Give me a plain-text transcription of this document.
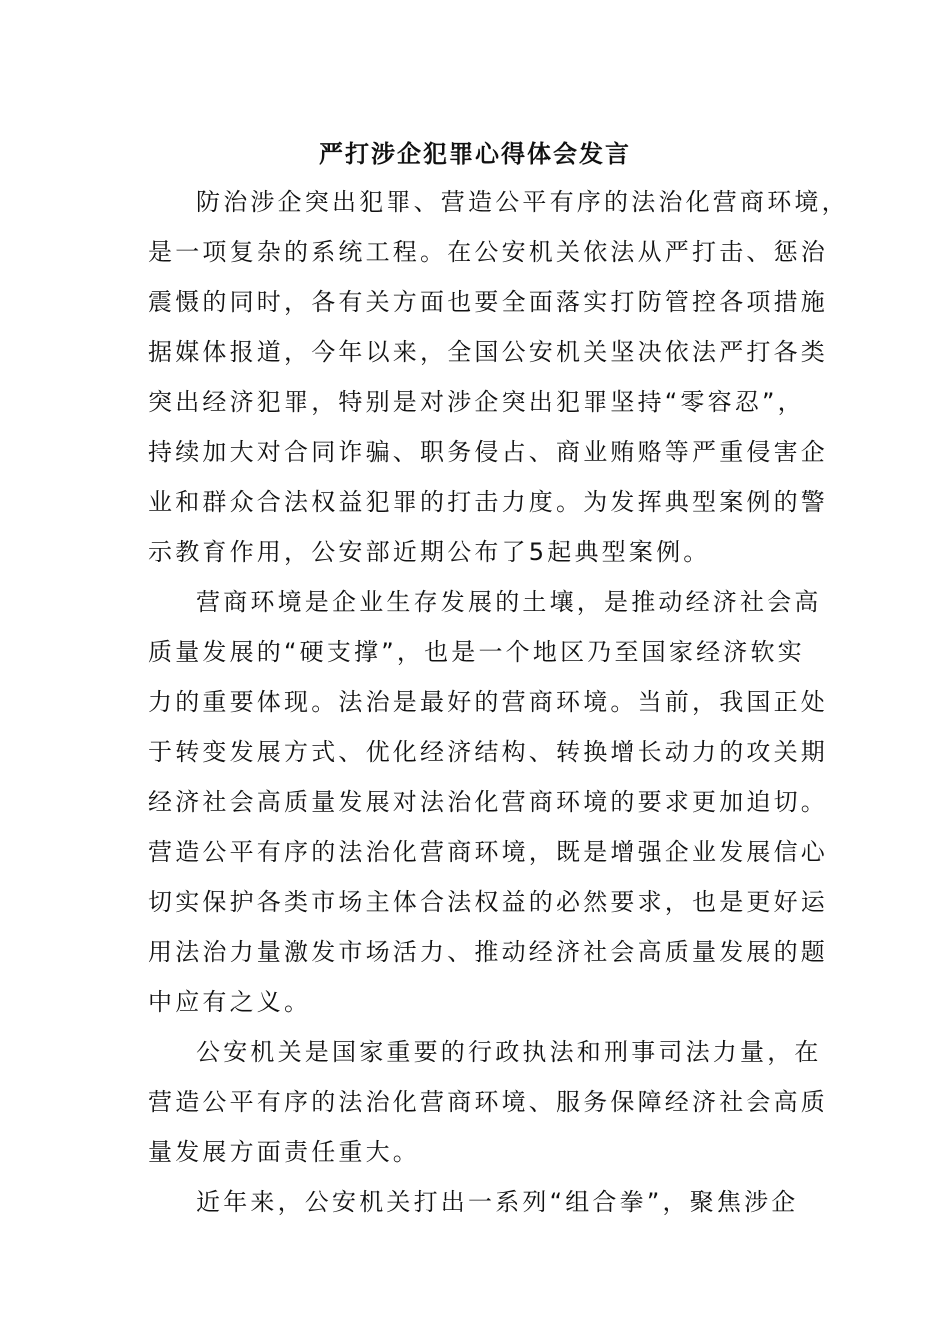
严打涉企犯罪心得体会发言
防治涉企突出犯罪、营造公平有序的法治化营商环境，
是一项复杂的系统工程。在公安机关依法从严打击、惩治
震慑的同时，各有关方面也要全面落实打防管控各项措施
据媒体报道，今年以来，全国公安机关坚决依法严打各类
突出经济犯罪，特别是对涉企突出犯罪坚持“零容忍”，
持续加大对合同诈骗、职务侵占、商业贿赂等严重侵害企
业和群众合法权益犯罪的打击力度。为发挥典型案例的警
示教育作用，公安部近期公布了5起典型案例。
营商环境是企业生存发展的土壤，是推动经济社会高
质量发展的“硬支撑”，也是一个地区乃至国家经济软实
力的重要体现。法治是最好的营商环境。当前，我国正处
于转变发展方式、优化经济结构、转换增长动力的攻关期
经济社会高质量发展对法治化营商环境的要求更加迫切。
营造公平有序的法治化营商环境，既是增强企业发展信心
切实保护各类市场主体合法权益的必然要求，也是更好运
用法治力量激发市场活力、推动经济社会高质量发展的题
中应有之义。
公安机关是国家重要的行政执法和刑事司法力量，在
营造公平有序的法治化营商环境、服务保障经济社会高质
量发展方面责任重大。
近年来，公安机关打出一系列“组合拳”，聚焦涉企
